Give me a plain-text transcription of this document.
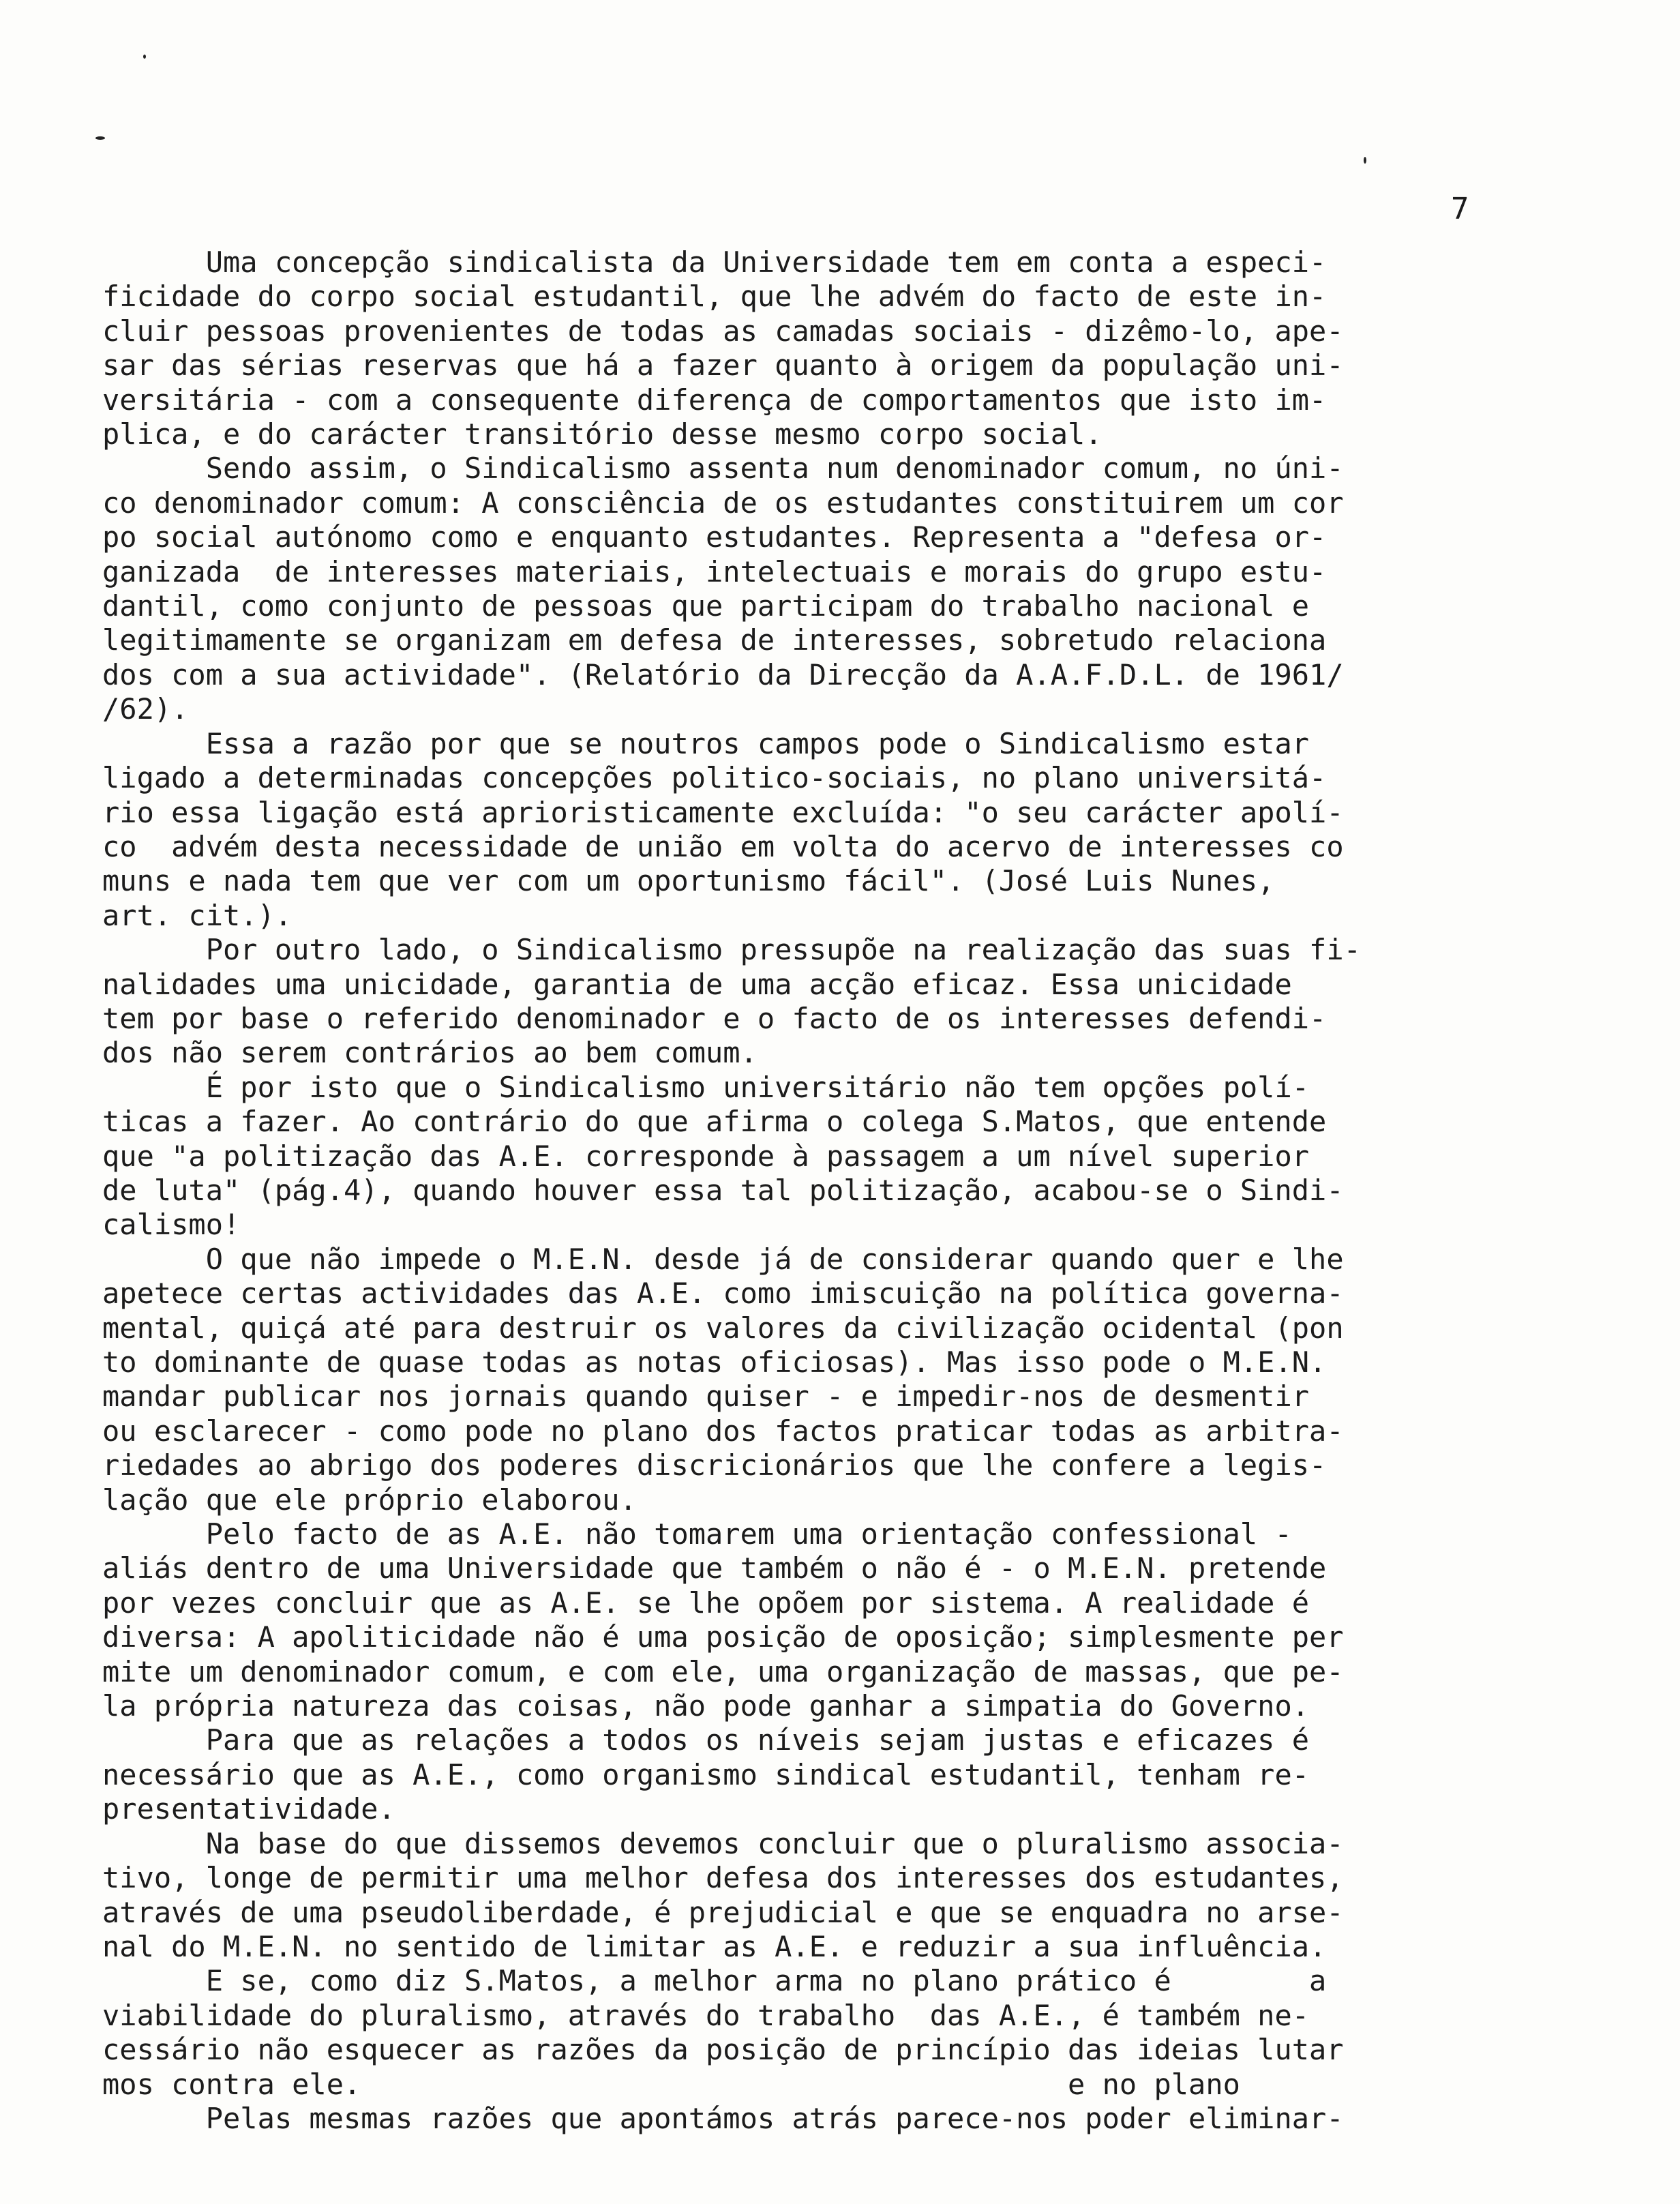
7
Uma concepção sindicalista da Universidade tem em conta a especi-
ficidade do corpo social estudantil, que lhe advém do facto de este in-
cluir pessoas provenientes de todas as camadas sociais - dizêmo-lo, ape-
sar das sérias reservas que há a fazer quanto à origem da população uni-
versitária - com a consequente diferença de comportamentos que isto im-
plica, e do carácter transitório desse mesmo corpo social.
Sendo assim, o Sindicalismo assenta num denominador comum, no úni-
co denominador comum: A consciência de os estudantes constituirem um cor
po social autónomo como e enquanto estudantes. Representa a "defesa or-
ganizada  de interesses materiais, intelectuais e morais do grupo estu-
dantil, como conjunto de pessoas que participam do trabalho nacional e
legitimamente se organizam em defesa de interesses, sobretudo relaciona
dos com a sua actividade". (Relatório da Direcção da A.A.F.D.L. de 1961/
/62).
Essa a razão por que se noutros campos pode o Sindicalismo estar
ligado a determinadas concepções politico-sociais, no plano universitá-
rio essa ligação está aprioristicamente excluída: "o seu carácter apolí-
co  advém desta necessidade de união em volta do acervo de interesses co
muns e nada tem que ver com um oportunismo fácil". (José Luis Nunes,
art. cit.).
Por outro lado, o Sindicalismo pressupõe na realização das suas fi-
nalidades uma unicidade, garantia de uma acção eficaz. Essa unicidade
tem por base o referido denominador e o facto de os interesses defendi-
dos não serem contrários ao bem comum.
É por isto que o Sindicalismo universitário não tem opções polí-
ticas a fazer. Ao contrário do que afirma o colega S.Matos, que entende
que "a politização das A.E. corresponde à passagem a um nível superior
de luta" (pág.4), quando houver essa tal politização, acabou-se o Sindi-
calismo!
O que não impede o M.E.N. desde já de considerar quando quer e lhe
apetece certas actividades das A.E. como imiscuição na política governa-
mental, quiçá até para destruir os valores da civilização ocidental (pon
to dominante de quase todas as notas oficiosas). Mas isso pode o M.E.N.
mandar publicar nos jornais quando quiser - e impedir-nos de desmentir
ou esclarecer - como pode no plano dos factos praticar todas as arbitra-
riedades ao abrigo dos poderes discricionários que lhe confere a legis-
lação que ele próprio elaborou.
Pelo facto de as A.E. não tomarem uma orientação confessional -
aliás dentro de uma Universidade que também o não é - o M.E.N. pretende
por vezes concluir que as A.E. se lhe opõem por sistema. A realidade é
diversa: A apoliticidade não é uma posição de oposição; simplesmente per
mite um denominador comum, e com ele, uma organização de massas, que pe-
la própria natureza das coisas, não pode ganhar a simpatia do Governo.
Para que as relações a todos os níveis sejam justas e eficazes é
necessário que as A.E., como organismo sindical estudantil, tenham re-
presentatividade.
Na base do que dissemos devemos concluir que o pluralismo associa-
tivo, longe de permitir uma melhor defesa dos interesses dos estudantes,
através de uma pseudoliberdade, é prejudicial e que se enquadra no arse-
nal do M.E.N. no sentido de limitar as A.E. e reduzir a sua influência.
E se, como diz S.Matos, a melhor arma no plano prático é        a
viabilidade do pluralismo, através do trabalho  das A.E., é também ne-
cessário não esquecer as razões da posição de princípio das ideias lutar
mos contra ele.                                         e no plano
Pelas mesmas razões que apontámos atrás parece-nos poder eliminar-
